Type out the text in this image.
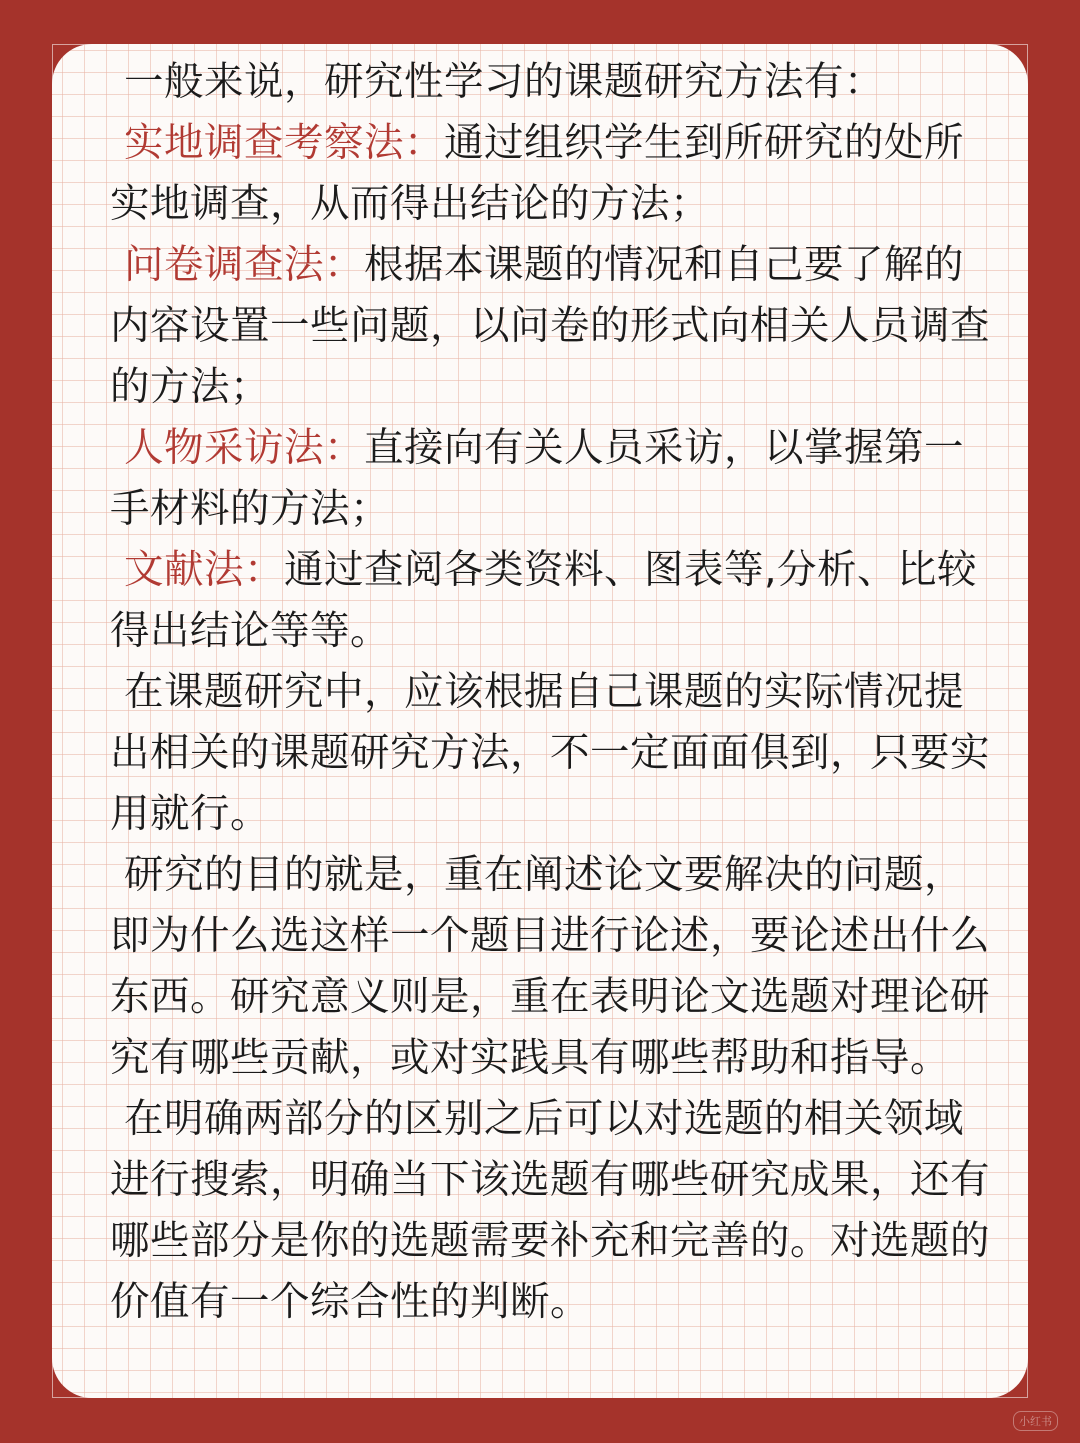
一般来说，研究性学习的课题研究方法有：

实地调查考察法：通过组织学生到所研究的处所实地调查，从而得出结论的方法；

问卷调查法：根据本课题的情况和自己要了解的内容设置一些问题，以问卷的形式向相关人员调查的方法；

人物采访法：直接向有关人员采访，以掌握第一手材料的方法；

文献法：通过查阅各类资料、图表等,分析、比较得出结论等等。

在课题研究中，应该根据自己课题的实际情况提出相关的课题研究方法，不一定面面俱到，只要实用就行。

研究的目的就是，重在阐述论文要解决的问题，即为什么选这样一个题目进行论述，要论述出什么东西。研究意义则是，重在表明论文选题对理论研究有哪些贡献，或对实践具有哪些帮助和指导。

在明确两部分的区别之后可以对选题的相关领域进行搜索，明确当下该选题有哪些研究成果，还有哪些部分是你的选题需要补充和完善的。对选题的价值有一个综合性的判断。

小红书
